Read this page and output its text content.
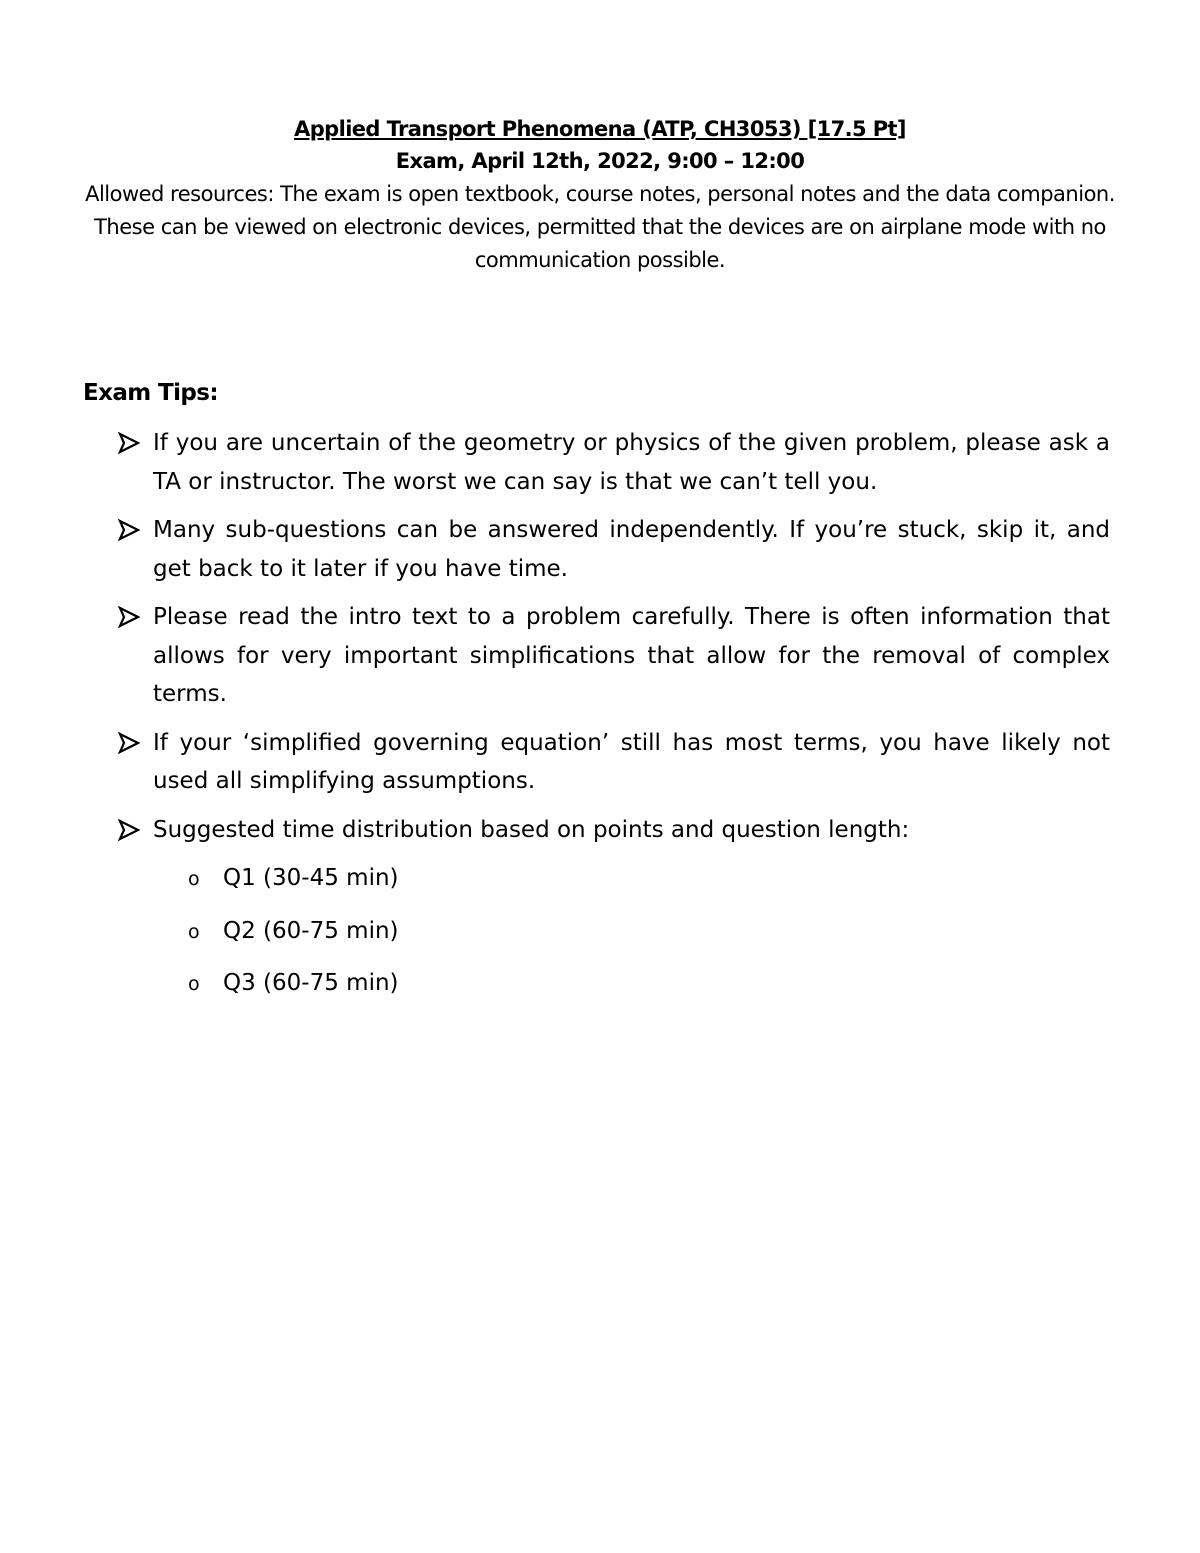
Applied Transport Phenomena (ATP, CH3053) [17.5 Pt]
Exam, April 12th, 2022, 9:00 – 12:00
Allowed resources: The exam is open textbook, course notes, personal notes and the data companion. These can be viewed on electronic devices, permitted that the devices are on airplane mode with no communication possible.
Exam Tips:
If you are uncertain of the geometry or physics of the given problem, please ask a TA or instructor. The worst we can say is that we can’t tell you.
Many sub-questions can be answered independently. If you’re stuck, skip it, and get back to it later if you have time.
Please read the intro text to a problem carefully. There is often information that allows for very important simplifications that allow for the removal of complex terms.
If your ‘simplified governing equation’ still has most terms, you have likely not used all simplifying assumptions.
Suggested time distribution based on points and question length:
o Q1 (30-45 min)
o Q2 (60-75 min)
o Q3 (60-75 min)
